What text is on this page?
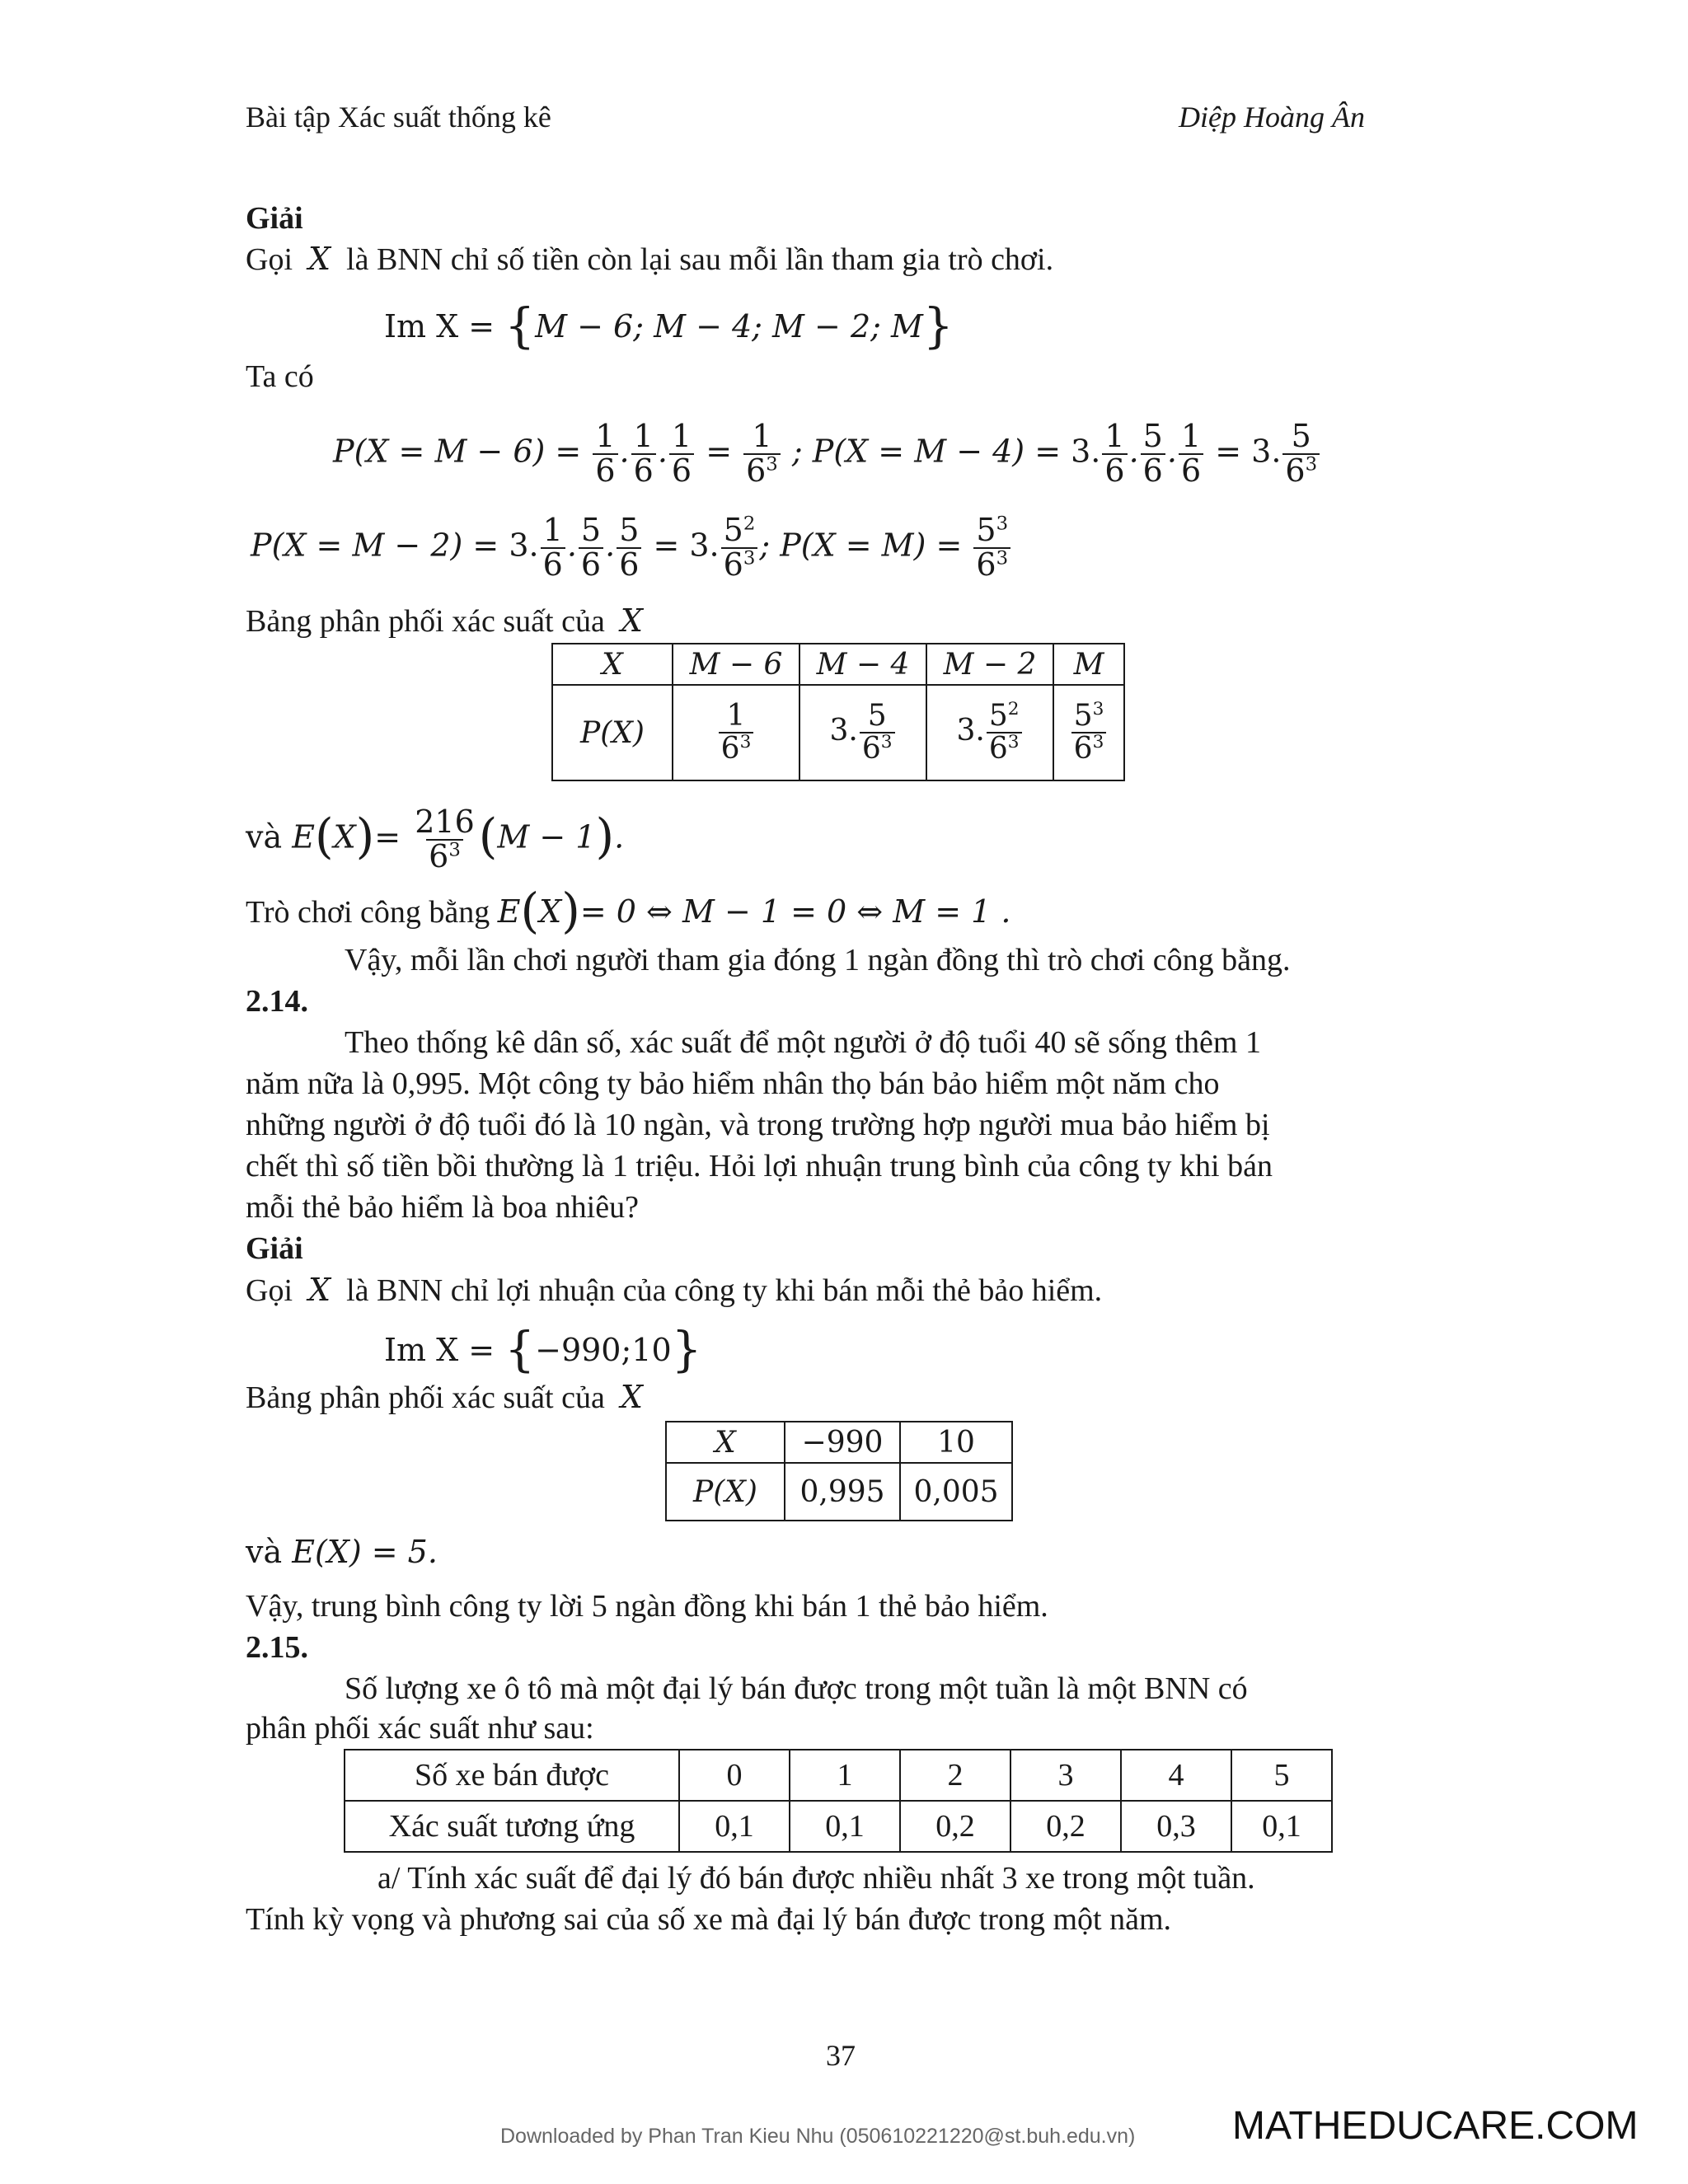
Bài tập Xác suất thống kê	Diệp Hoàng Ân
Giải
Gọi X là BNN chỉ số tiền còn lại sau mỗi lần tham gia trò chơi.
Im X = {M − 6; M − 4; M − 2; M}
Ta có
$P(X = M - 6) = \frac{1}{6}$ . $\frac{1}{6}$ . $\frac{1}{6} = \frac{1}{6^3}$ ; P(X = M − 4) = 3. $\frac{1}{6}$ . $\frac{5}{6}$ . $\frac{1}{6} = 3$. $\frac{5}{6^3}$
P(X = M − 2) = 3. $\frac{1}{6}$ . $\frac{5}{6}$ . $\frac{5}{6} = 3$. $\frac{5^2}{6^3}$ ; $P(X = M) = \frac{5^3}{6^3}$
Bảng phân phối xác suất của X
X	M − 6	M − 4	M − 2	M
P(X)	$\frac{1}{6^3}$	3. $\frac{5}{6^3}$	3. $\frac{5^2}{6^3}$	$\frac{5^3}{6^3}$
và $E(X)= \frac{216}{6^3} (M - 1)$.
Trò chơi công bằng E(X)= 0 ⇔ M − 1 = 0 ⇔ M = 1 .
Vậy, mỗi lần chơi người tham gia đóng 1 ngàn đồng thì trò chơi công bằng.
2.14.
Theo thống kê dân số, xác suất để một người ở độ tuổi 40 sẽ sống thêm 1
năm nữa là 0,995. Một công ty bảo hiểm nhân thọ bán bảo hiểm một năm cho
những người ở độ tuổi đó là 10 ngàn, và trong trường hợp người mua bảo hiểm bị
chết thì số tiền bồi thường là 1 triệu. Hỏi lợi nhuận trung bình của công ty khi bán
mỗi thẻ bảo hiểm là boa nhiêu?
Giải
Gọi X là BNN chỉ lợi nhuận của công ty khi bán mỗi thẻ bảo hiểm.
Im X = {−990;10}
Bảng phân phối xác suất của X
X	−990	10
P(X)	0,995	0,005
và E(X) = 5.
Vậy, trung bình công ty lời 5 ngàn đồng khi bán 1 thẻ bảo hiểm.
2.15.
Số lượng xe ô tô mà một đại lý bán được trong một tuần là một BNN có
phân phối xác suất như sau:
Số xe bán được	0	1	2	3	4	5
Xác suất tương ứng	0,1	0,1	0,2	0,2	0,3	0,1
a/ Tính xác suất để đại lý đó bán được nhiều nhất 3 xe trong một tuần.
Tính kỳ vọng và phương sai của số xe mà đại lý bán được trong một năm.
37
Downloaded by Phan Tran Kieu Nhu (050610221220@st.buh.edu.vn) MATHEDUCARE.COM
